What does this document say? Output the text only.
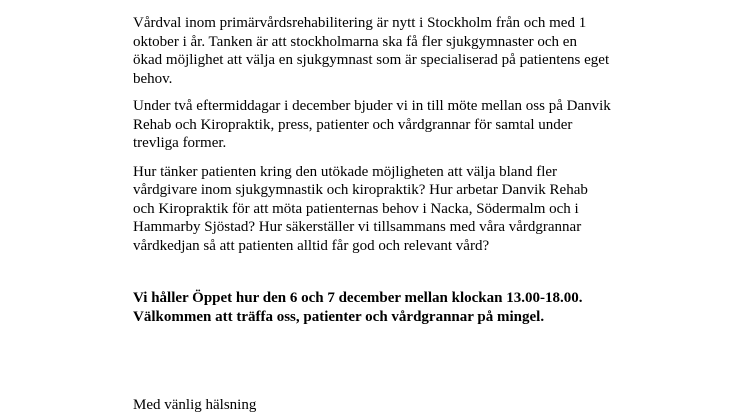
Vårdval inom primärvårdsrehabilitering är nytt i Stockholm från och med 1
oktober i år. Tanken är att stockholmarna ska få fler sjukgymnaster och en
ökad möjlighet att välja en sjukgymnast som är specialiserad på patientens eget
behov.

Under två eftermiddagar i december bjuder vi in till möte mellan oss på Danvik
Rehab och Kiropraktik, press, patienter och vårdgrannar för samtal under
trevliga former.

Hur tänker patienten kring den utökade möjligheten att välja bland fler
vårdgivare inom sjukgymnastik och kiropraktik? Hur arbetar Danvik Rehab
och Kiropraktik för att möta patienternas behov i Nacka, Södermalm och i
Hammarby Sjöstad? Hur säkerställer vi tillsammans med våra vårdgrannar
vårdkedjan så att patienten alltid får god och relevant vård?

Vi håller Öppet hur den 6 och 7 december mellan klockan 13.00-18.00.
Välkommen att träffa oss, patienter och vårdgrannar på mingel.

Med vänlig hälsning
